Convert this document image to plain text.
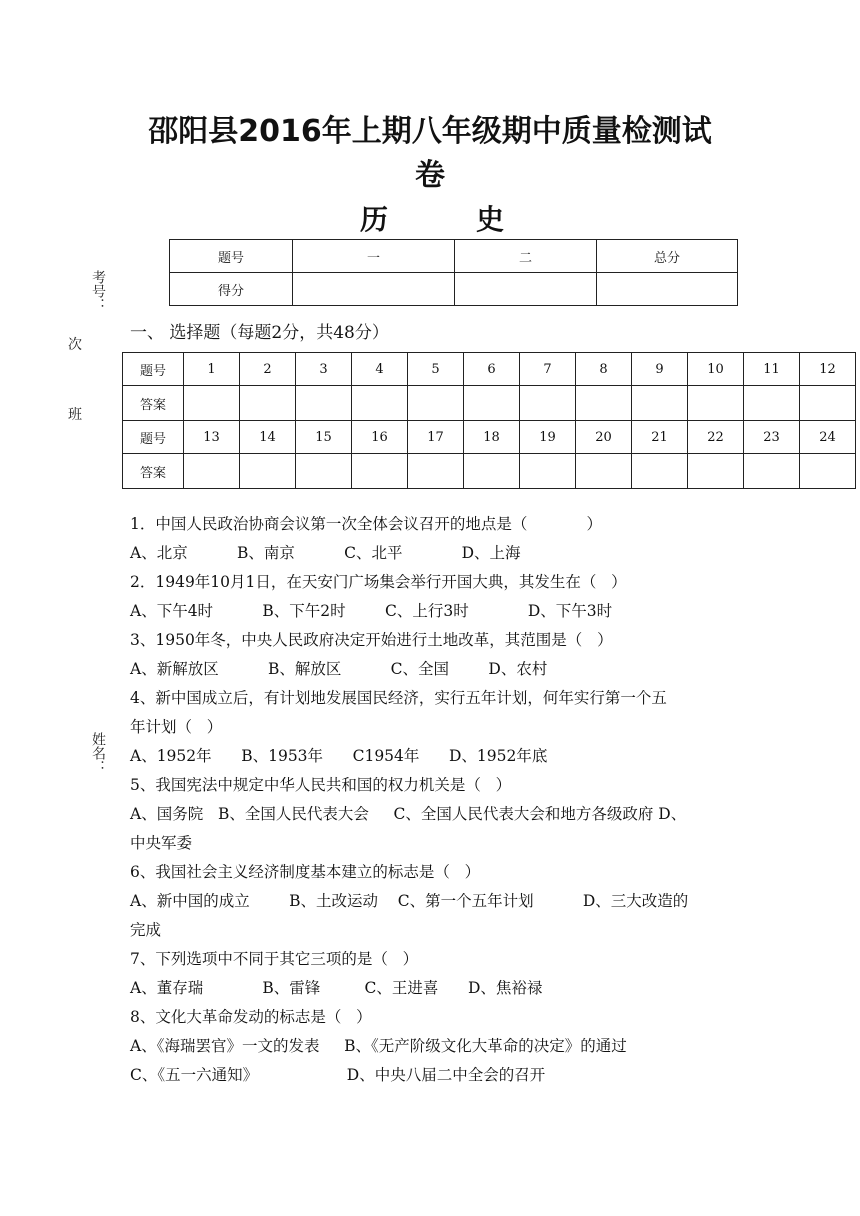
邵阳县2016年上期八年级期中质量检测试
卷
历	史
考号：
次
班
姓名：
题号	一	二	总分
得分			
一、 选择题（每题2分，共48分）
题号	1	2	3	4	5	6	7	8	9	10	11	12
答案												
题号	13	14	15	16	17	18	19	20	21	22	23	24
答案												
1．中国人民政治协商会议第一次全体会议召开的地点是（            ）
A、北京          B、南京          C、北平            D、上海
2．1949年10月1日，在天安门广场集会举行开国大典，其发生在（   ）
A、下午4时          B、下午2时        C、上行3时            D、下午3时
3、1950年冬，中央人民政府决定开始进行土地改革，其范围是（   ）
A、新解放区          B、解放区          C、全国        D、农村
4、新中国成立后，有计划地发展国民经济，实行五年计划，何年实行第一个五
年计划（   ）
A、1952年      B、1953年      C1954年      D、1952年底
5、我国宪法中规定中华人民共和国的权力机关是（   ）
A、国务院   B、全国人民代表大会     C、全国人民代表大会和地方各级政府 D、
中央军委
6、我国社会主义经济制度基本建立的标志是（   ）
A、新中国的成立        B、土改运动    C、第一个五年计划          D、三大改造的
完成
7、下列选项中不同于其它三项的是（   ）
A、董存瑞            B、雷锋         C、王进喜      D、焦裕禄
8、文化大革命发动的标志是（   ）
A、《海瑞罢官》一文的发表     B、《无产阶级文化大革命的决定》的通过
C、《五一六通知》                  D、中央八届二中全会的召开
